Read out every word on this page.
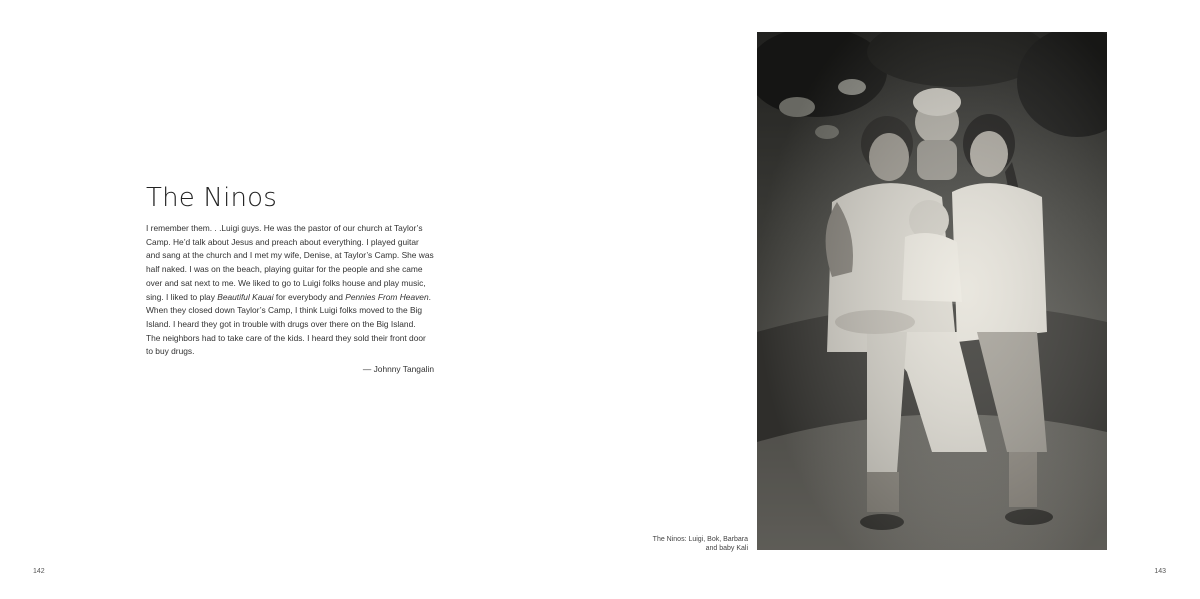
The Ninos
I remember them. . .Luigi guys. He was the pastor of our church at Taylor’s
Camp. He’d talk about Jesus and preach about everything. I played guitar
and sang at the church and I met my wife, Denise, at Taylor’s Camp. She was
half naked. I was on the beach, playing guitar for the people and she came
over and sat next to me. We liked to go to Luigi folks house and play music,
sing. I liked to play Beautiful Kauai for everybody and Pennies From Heaven.
When they closed down Taylor’s Camp, I think Luigi folks moved to the Big
Island. I heard they got in trouble with drugs over there on the Big Island.
The neighbors had to take care of the kids. I heard they sold their front door
to buy drugs.
— Johnny Tangalin
142
The Ninos: Luigi, Bok, Barbara
and baby Kali
143
